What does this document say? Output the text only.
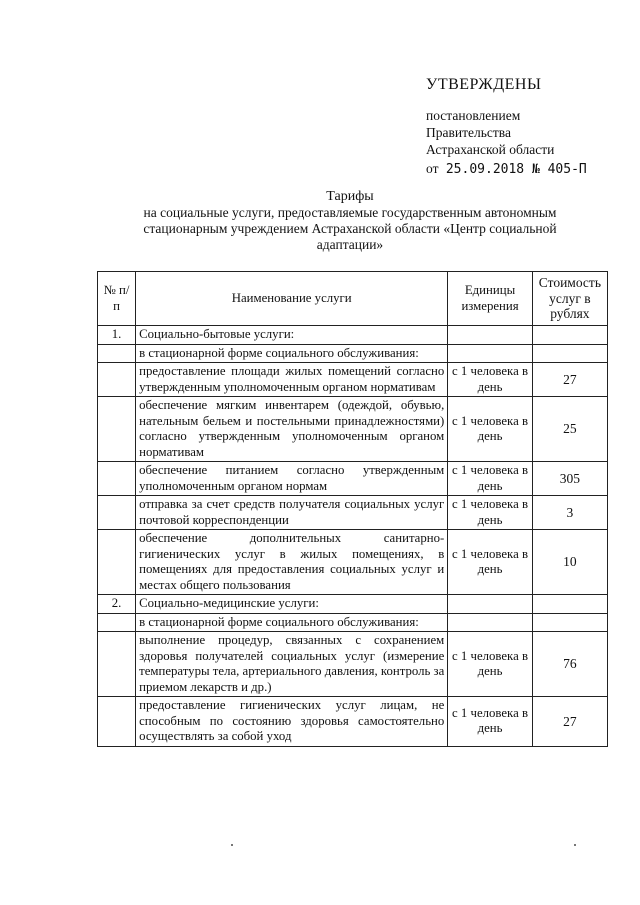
УТВЕРЖДЕНЫ
постановлением
Правительства
Астраханской области
от 25.09.2018 № 405-П
Тарифы
на социальные услуги, предоставляемые государственным автономным
стационарным учреждением Астраханской области «Центр социальной
адаптации»
№ п/п	Наименование услуги	Единицы измерения	Стоимость услуг в рублях
1.	Социально-бытовые услуги:		
	в стационарной форме социального обслуживания:		
	предоставление площади жилых помещений согласно утвержденным уполномоченным органом нормативам	с 1 человека в день	27
	обеспечение мягким инвентарем (одеждой, обувью, нательным бельем и постельными принадлежностями) согласно утвержденным уполномоченным органом нормативам	с 1 человека в день	25
	обеспечение питанием согласно утвержденным уполномоченным органом нормам	с 1 человека в день	305
	отправка за счет средств получателя социальных услуг почтовой корреспонденции	с 1 человека в день	3
	обеспечение дополнительных санитарно-гигиенических услуг в жилых помещениях, в помещениях для предоставления социальных услуг и местах общего пользования	с 1 человека в день	10
2.	Социально-медицинские услуги:		
	в стационарной форме социального обслуживания:		
	выполнение процедур, связанных с сохранением здоровья получателей социальных услуг (измерение температуры тела, артериального давления, контроль за приемом лекарств и др.)	с 1 человека в день	76
	предоставление гигиенических услуг лицам, не способным по состоянию здоровья самостоятельно осуществлять за собой уход	с 1 человека в день	27
